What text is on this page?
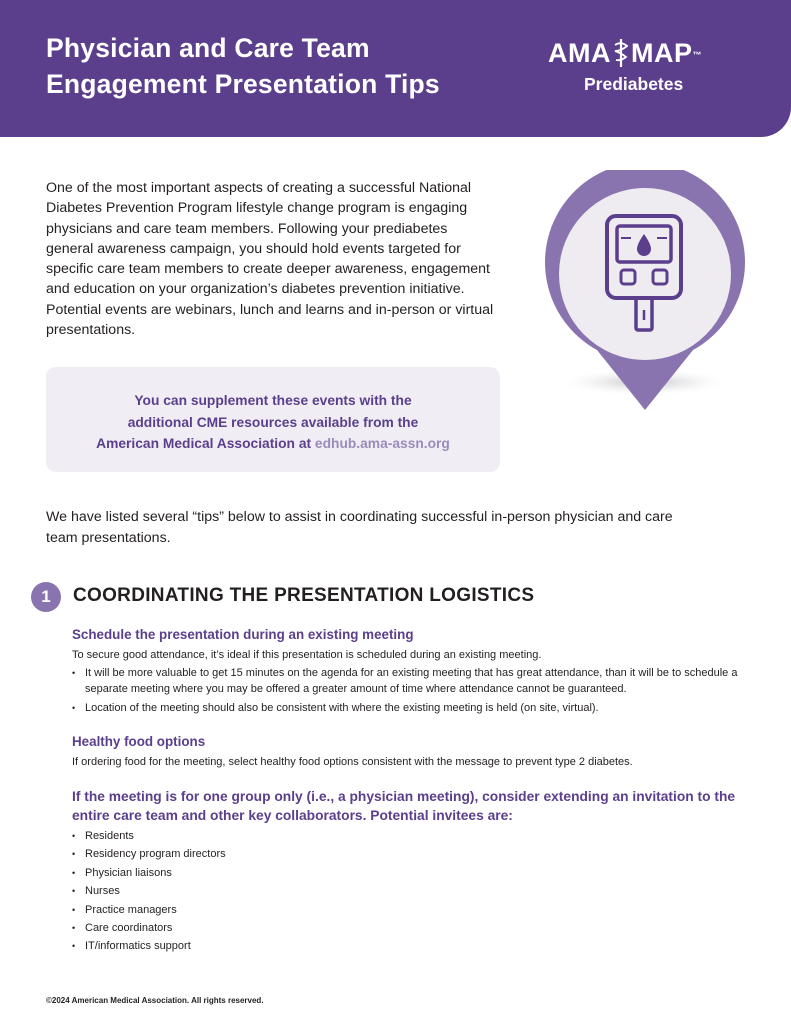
Physician and Care Team
Engagement Presentation Tips
AMA MAP™
Prediabetes

One of the most important aspects of creating a successful National Diabetes Prevention Program lifestyle change program is engaging physicians and care team members. Following your prediabetes general awareness campaign, you should hold events targeted for specific care team members to create deeper awareness, engagement and education on your organization’s diabetes prevention initiative. Potential events are webinars, lunch and learns and in-person or virtual presentations.

You can supplement these events with the
additional CME resources available from the
American Medical Association at edhub.ama-assn.org

We have listed several “tips” below to assist in coordinating successful in-person physician and care team presentations.

1	COORDINATING THE PRESENTATION LOGISTICS

Schedule the presentation during an existing meeting

To secure good attendance, it’s ideal if this presentation is scheduled during an existing meeting.

• It will be more valuable to get 15 minutes on the agenda for an existing meeting that has great attendance, than it will be to schedule a separate meeting where you may be offered a greater amount of time where attendance cannot be guaranteed.
• Location of the meeting should also be consistent with where the existing meeting is held (on site, virtual).

Healthy food options

If ordering food for the meeting, select healthy food options consistent with the message to prevent type 2 diabetes.

If the meeting is for one group only (i.e., a physician meeting), consider extending an invitation to the entire care team and other key collaborators. Potential invitees are:

• Residents
• Residency program directors
• Physician liaisons
• Nurses
• Practice managers
• Care coordinators
• IT/informatics support
©2024 American Medical Association. All rights reserved.
